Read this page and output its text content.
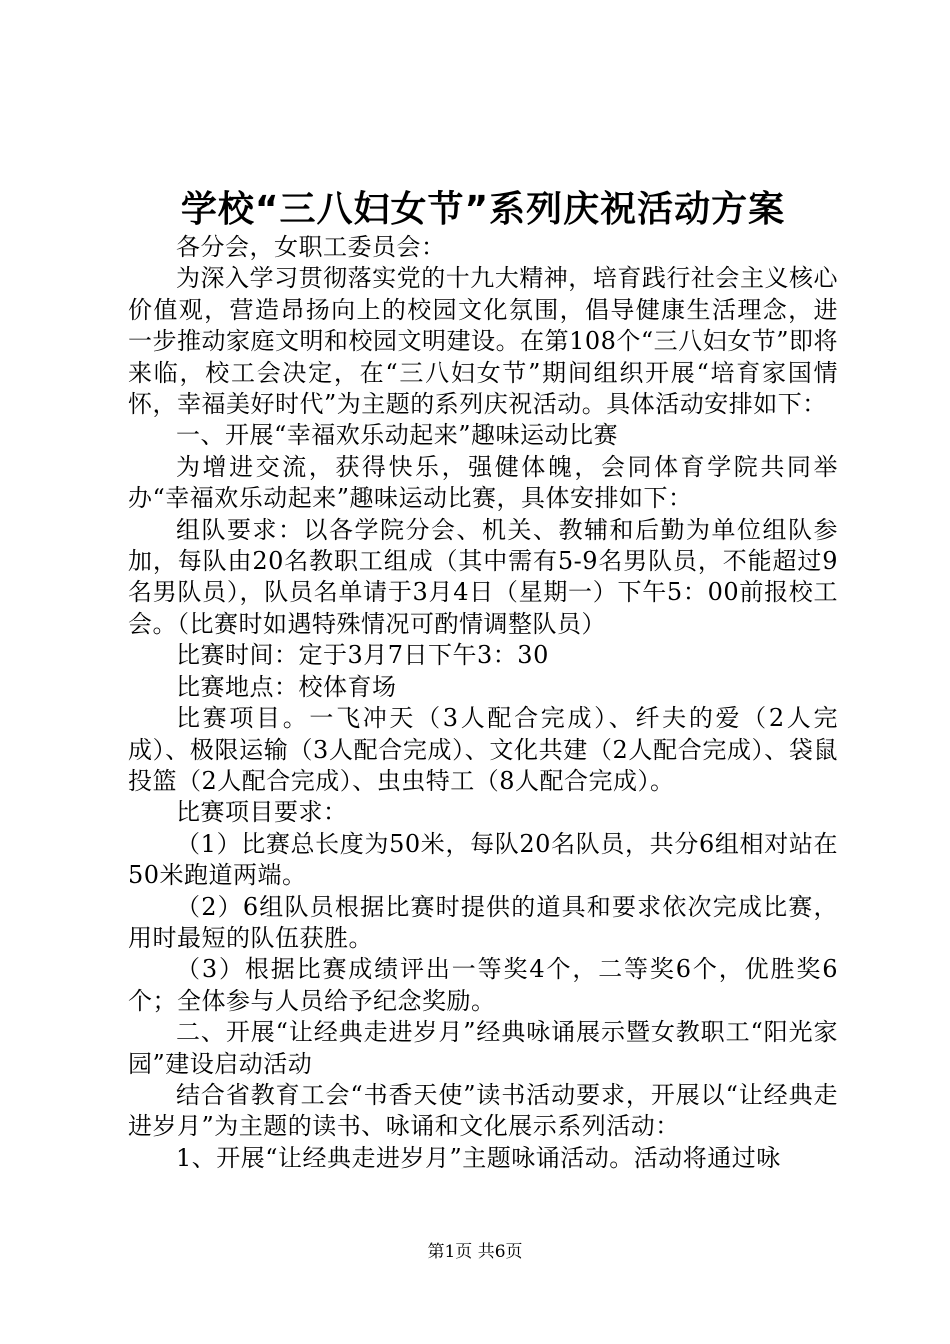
学校“三八妇女节”系列庆祝活动方案

各分会，女职工委员会：

为深入学习贯彻落实党的十九大精神，培育践行社会主义核心价值观，营造昂扬向上的校园文化氛围，倡导健康生活理念，进一步推动家庭文明和校园文明建设。在第108个“三八妇女节”即将来临，校工会决定，在“三八妇女节”期间组织开展“培育家国情怀，幸福美好时代”为主题的系列庆祝活动。具体活动安排如下：

一、开展“幸福欢乐动起来”趣味运动比赛

为增进交流，获得快乐，强健体魄，会同体育学院共同举办“幸福欢乐动起来”趣味运动比赛，具体安排如下：

组队要求：以各学院分会、机关、教辅和后勤为单位组队参加，每队由20名教职工组成（其中需有5-9名男队员，不能超过9名男队员），队员名单请于3月4日（星期一）下午5：00前报校工会。（比赛时如遇特殊情况可酌情调整队员）

比赛时间：定于3月7日下午3：30

比赛地点：校体育场

比赛项目。一飞冲天（3人配合完成）、纤夫的爱（2人完成）、极限运输（3人配合完成）、文化共建（2人配合完成）、袋鼠投篮（2人配合完成）、虫虫特工（8人配合完成）。

比赛项目要求：

（1）比赛总长度为50米，每队20名队员，共分6组相对站在50米跑道两端。

（2）6组队员根据比赛时提供的道具和要求依次完成比赛，用时最短的队伍获胜。

（3）根据比赛成绩评出一等奖4个，二等奖6个，优胜奖6个；全体参与人员给予纪念奖励。

二、开展“让经典走进岁月”经典咏诵展示暨女教职工“阳光家园”建设启动活动

结合省教育工会“书香天使”读书活动要求，开展以“让经典走进岁月”为主题的读书、咏诵和文化展示系列活动：

1、开展“让经典走进岁月”主题咏诵活动。活动将通过咏

第1页 共6页
